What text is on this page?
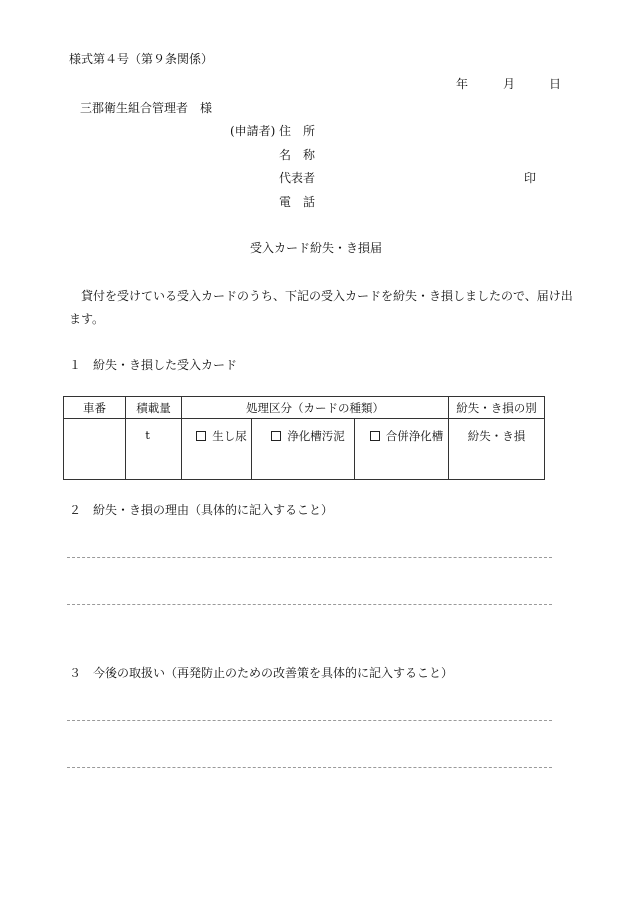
様式第４号（第９条関係）
年	月	日
三郡衛生組合管理者　様
(申請者) 住　所
名　称
代表者	印
電　話
受入カード紛失・き損届
　貸付を受けている受入カードのうち、下記の受入カードを紛失・き損しましたので、届け出
ます。
１　紛失・き損した受入カード
車番	積載量	処理区分（カードの種類）			紛失・き損の別
	t	生し尿	浄化槽汚泥	合併浄化槽	紛失・き損
２　紛失・き損の理由（具体的に記入すること）
３　今後の取扱い（再発防止のための改善策を具体的に記入すること）
